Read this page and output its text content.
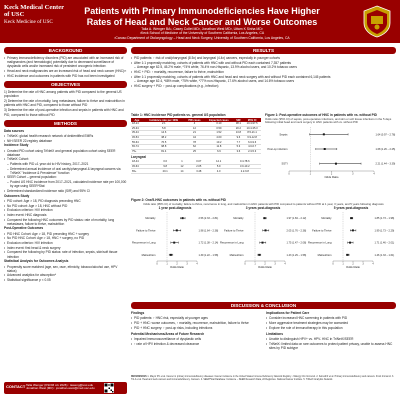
Keck Medical Center
of USC
Keck Medicine of USC
Patients with Primary Immunodeficiencies Have Higher Rates of Head and Neck Cancer and Worse Outcomes
Talia A. Wenger BA¹, Casey Collet MD², Jonathan West MD², Uttam K Sinha MD²
¹Keck School of Medicine of the University of Southern California, Los Angeles, CA
²Caruso Department of Otolaryngology – Head and Neck Surgery, University of Southern California, Los Angeles, CA
BACKGROUND
• Primary immunodeficiency disorders (PID) are associated with an increased risk of malignancies (and hematologic) potentially due to decreased surveillance of dysplastic cells and/or increased risk of persistent oncogenic infection¹
• Head and neck malignancies are an increased risk of head and neck cancer (HNC)²³
• HNC incidence and outcomes in patients with PID has not been investigated
OBJECTIVES

1) Determine the rate of HNC among patients with PID compared to the general US population

2) Determine the rate of mortality, lung metastases, failure to thrive and malnutrition in patients with HNC and PID, compared to those without PID

3) Determine the rate of post-operative infection and sepsis in patients with HNC and PID, compared to those without PID

METHODS

Data sources

• TriNetX: global health research network of deidentified EMRs
• NIH SEER 22-registry database

Incidence Study

• Created PID cohort using TriNetX and general population cohort using SEER database
• TriNetX Cohort:
– Patients with PID ≥1 year old to HIV history, 2017–2021
– Determined annual incidence of oral cavity/pharyngeal & laryngeal cancers via TriNetX "Incidence & Prevalence" function
• SEER Cohort – general population:
– Pooled US HNC incidence from 2017–2021, calculated incidence rate per 100,000 by age using SEER*Stat
• Determined standardized incidence ratio (SIR) and 95% CI

Outcomes Study

• PID cohort: Age > 18, PID diagnosis preceding HNC
• No PID cohort: Age > 18, HNC without PID
• Exclusion criterion: HIV infection
• Index event: HNC diagnosis
• Compared the following HNC outcomes by PID status: rate of mortality, lung metastases, failure to thrive, malnutrition

Post-Operative Outcomes

• PID HNC Cohort: Age > 18, PID preceding HNC + surgery
• No PID HNC Cohort: Age > 18, HNC + surgery, no PID
• Exclusion criterion: HIV infection
• Index event: first head & neck surgery
• Compared the following by PID status: rate of infection, sepsis, skin/soft tissue infection

Statistical Analysis for Outcomes Analysis

• Propensity score matched (age, sex, race, ethnicity, tobacco/alcohol use, HPV status)
• Advanced analytics for absorption⁸
• Statistical significance p < 0.05
CONTACT Talia Wenger (KSOM c/o 2026) : taweng@usc.edu
Jonathan West (MD) : jonathan.west@med.usc.edu
RESULTS
• PID patients: ↑ risk of oral/pharyngeal (8.5x) and laryngeal (4.4x) cancers, especially in younger cohorts
• After 1:1 propensity matching, cohorts of patients with HNC with and without PID each contained 7,357 patients
– Average age 62.5, 45.2% male, *74% white, 76.4% non-Hispanic, 13.9% alcohol users, and 10.2% tobacco users
• HNC + PID: ↑ mortality, recurrence, failure to thrive, malnutrition
• After 1:1 propensity matching, cohorts of patients with HNC and head and neck surgery with and without PID each contained 6,145 patients
– Average age 62.4, *68% male, *75% white, *77% non-Hispanic, 17.6% alcohol users, and 14.6% tobacco users
• HNC surgery + PID: ↑ post-op complications (e.g., infection)
Table 1: HNC incidence PID patients vs. general US population
Age	Incidence rate per 100k	PID cases	Expected cases	SIR	95% CI
18-24	2.1	4	0.10	38.1	10.4-97.5
25-34	5.8	12	0.59	20.2	10.4-35.3
35-44	14.6	21	1.52	13.8	8.5-21.1
45-54	38.2	44	4.60	9.6	6.9-12.8
55-64	76.5	78	10.2	7.7	6.0-9.6
65-74	98.8	62	11.8	5.3	4.0-6.7
75+	81.4	25	6.9	3.6	2.3-5.3
Laryngeal
18-44	0.6	1	0.07	14.1	0.4-78.6
45-64	9.8	12	2.05	5.9	3.0-10.2
65+	20.1	14	3.48	4.0	2.2-6.8
Figure 1: Post-operative outcomes of HNC in patients with vs. without PID
Odds ratio (95% CI) of sepsis, post-operative infections, and skin or soft tissue infections in the 5 days following initial head and neck surgery in HNC patients with vs. without PID
0	1	2	3	4
Odds Ratio
Sepsis	1.64 (0.97 – 2.78)
Post-op infection	1.68 (1.26 – 2.25)
SSTI	2.21 (1.44 – 3.39)
Figure 2: One/5-HNC outcomes in patients with vs. without PID
Odds ratio (95% CI) of mortality, failure to thrive, recurrence in lung, and malnutrition in HNC patients with PID compared to patients without PID at 1 year, 3 years, and 5 years following diagnosis
1 year post-diagnosis
0	1	2	3	4
Odds Ratio
Mortality	2.56 (2.33 – 2.81)
Failure to Thrive	1.98 (1.64 – 2.38)
Recurrence in Lung	1.72 (1.38 – 2.14)
Malnutrition	1.39 (1.22 – 1.58)
3 years post-diagnosis
0	1	2	3	4
Odds Ratio
Mortality	1.97 (1.84 – 2.12)
Failure to Thrive	2.05 (1.76 – 2.38)
Recurrence in Lung	1.75 (1.47 – 2.08)
Malnutrition	1.43 (1.29 – 1.58)
5 years post-diagnosis
0	1	2	3	4
Odds Ratio
Mortality	1.85 (1.73 – 1.98)
Failure to Thrive	1.99 (1.73 – 2.29)
Recurrence in Lung	1.71 (1.46 – 2.01)
Malnutrition	1.46 (1.33 – 1.61)
DISCUSSION & CONCLUSION

Findings

• PID patients: ↑ HNC risk, especially at younger ages
• PID + HNC: worse outcomes, ↑ mortality, recurrence, malnutrition, failure to thrive
• PID + HNC surgery: ↑ post-op risks, including infections

Potential Mechanisms/Areas of Future Research

• Impaired immunosurveillance of dysplastic cells
• ↑ rate of HPV infection & decreased clearance

Implications for Patient Care

• Consider increased HNC screening in patients with PID
• More aggressive treatment strategies may be warranted
• Explore the role of immunotherapy in this population

Limitations

• Unable to distinguish HPV+ vs. HPV- HNC in TriNetX/SEER
• TriNetX: limited data on rare outcomes to protect patient privacy, unable to assess HNC sites by PID subtype
REFERENCES 1. Mayor PC et al. Cancer in primary immunodeficiency diseases: Cancer incidence in the United States Immune Deficiency Network Registry. J Allergy Clin Immunol. 2. Kebudi R et al. Primary immunodeficiency and cancers. Front Immunol. 3. Tiri A et al. Head and neck cancers and immunodeficiency. Cancers. 4. SEER*Stat Database: Incidence – SEER Research Data, 22 Registries. National Cancer Institute. 5. TriNetX Analytics Network.
